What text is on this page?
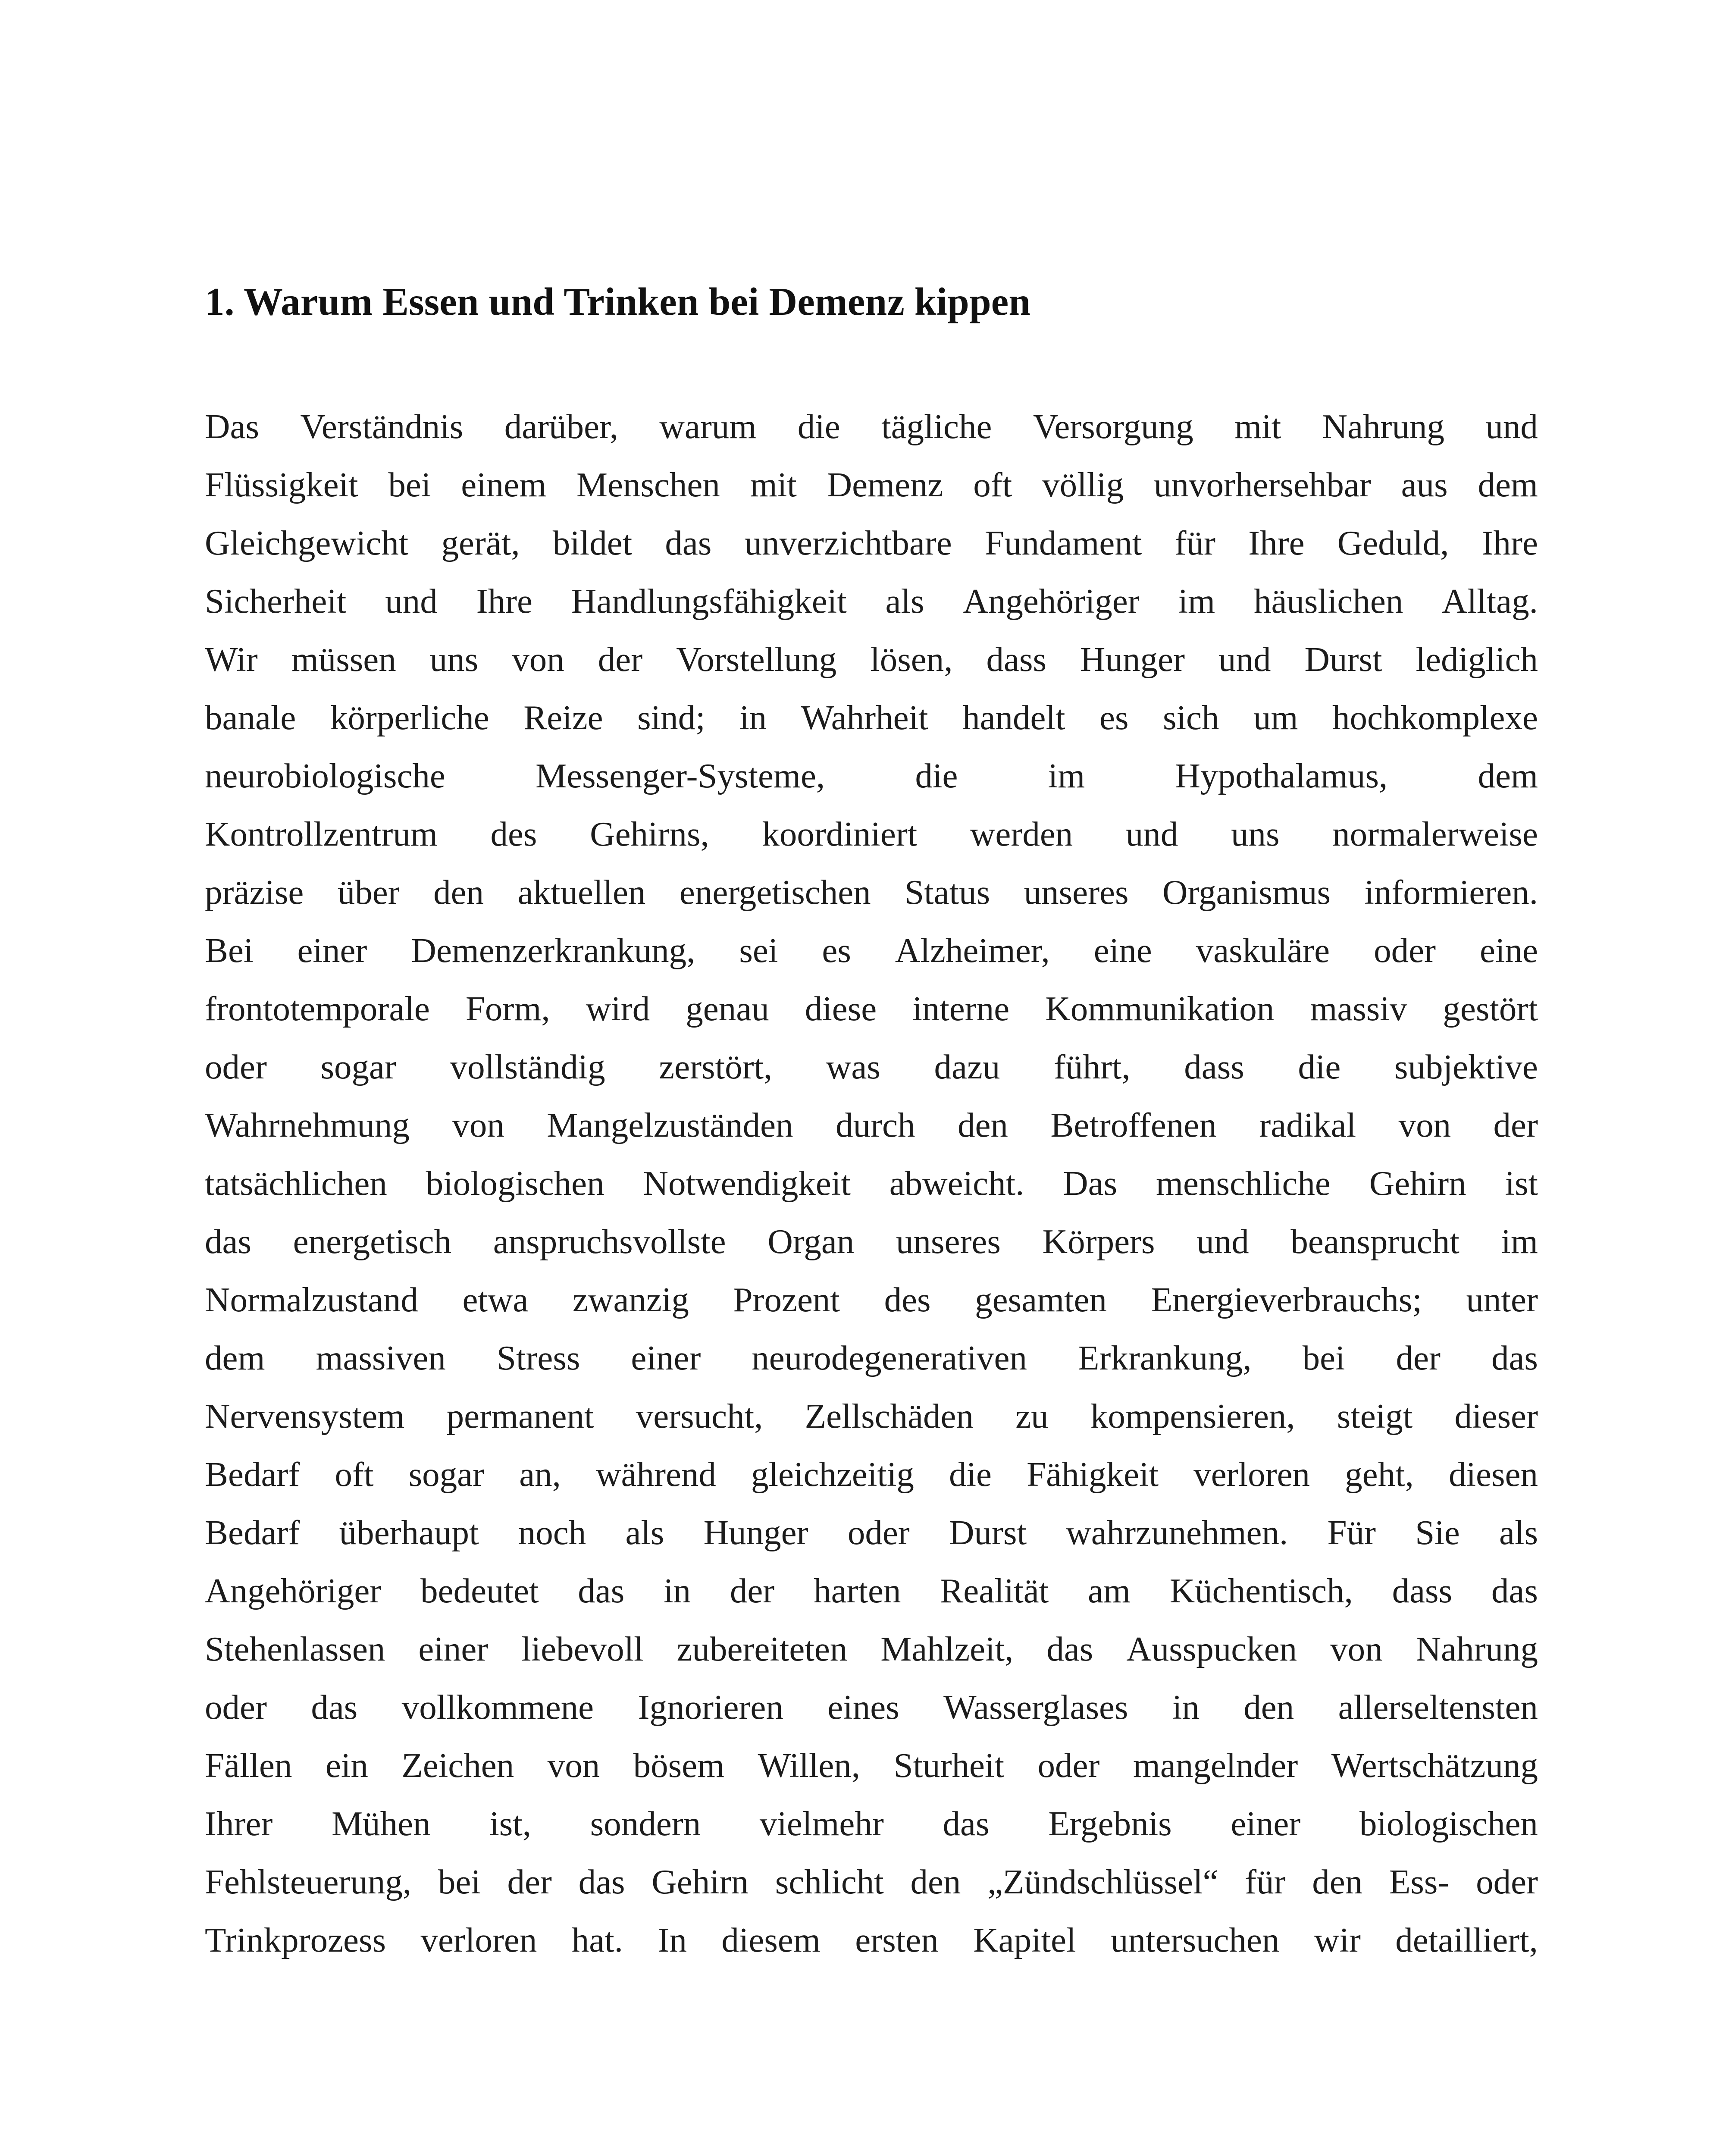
1. Warum Essen und Trinken bei Demenz kippen

Das Verständnis darüber, warum die tägliche Versorgung mit Nahrung und
Flüssigkeit bei einem Menschen mit Demenz oft völlig unvorhersehbar aus dem
Gleichgewicht gerät, bildet das unverzichtbare Fundament für Ihre Geduld, Ihre
Sicherheit und Ihre Handlungsfähigkeit als Angehöriger im häuslichen Alltag.
Wir müssen uns von der Vorstellung lösen, dass Hunger und Durst lediglich
banale körperliche Reize sind; in Wahrheit handelt es sich um hochkomplexe
neurobiologische	Messenger-Systeme,	die	im	Hypothalamus,	dem
Kontrollzentrum des Gehirns, koordiniert werden und uns normalerweise
präzise über den aktuellen energetischen Status unseres Organismus informieren.
Bei einer Demenzerkrankung, sei es Alzheimer, eine vaskuläre oder eine
frontotemporale Form, wird genau diese interne Kommunikation massiv gestört
oder sogar vollständig zerstört, was dazu führt, dass die subjektive
Wahrnehmung von Mangelzuständen durch den Betroffenen radikal von der
tatsächlichen biologischen Notwendigkeit abweicht. Das menschliche Gehirn ist
das energetisch anspruchsvollste Organ unseres Körpers und beansprucht im
Normalzustand etwa zwanzig Prozent des gesamten Energieverbrauchs; unter
dem massiven Stress einer neurodegenerativen Erkrankung, bei der das
Nervensystem permanent versucht, Zellschäden zu kompensieren, steigt dieser
Bedarf oft sogar an, während gleichzeitig die Fähigkeit verloren geht, diesen
Bedarf überhaupt noch als Hunger oder Durst wahrzunehmen. Für Sie als
Angehöriger bedeutet das in der harten Realität am Küchentisch, dass das
Stehenlassen einer liebevoll zubereiteten Mahlzeit, das Ausspucken von Nahrung
oder das vollkommene Ignorieren eines Wasserglases in den allerseltensten
Fällen ein Zeichen von bösem Willen, Sturheit oder mangelnder Wertschätzung
Ihrer Mühen ist, sondern vielmehr das Ergebnis einer biologischen
Fehlsteuerung, bei der das Gehirn schlicht den „Zündschlüssel“ für den Ess- oder
Trinkprozess verloren hat. In diesem ersten Kapitel untersuchen wir detailliert,
